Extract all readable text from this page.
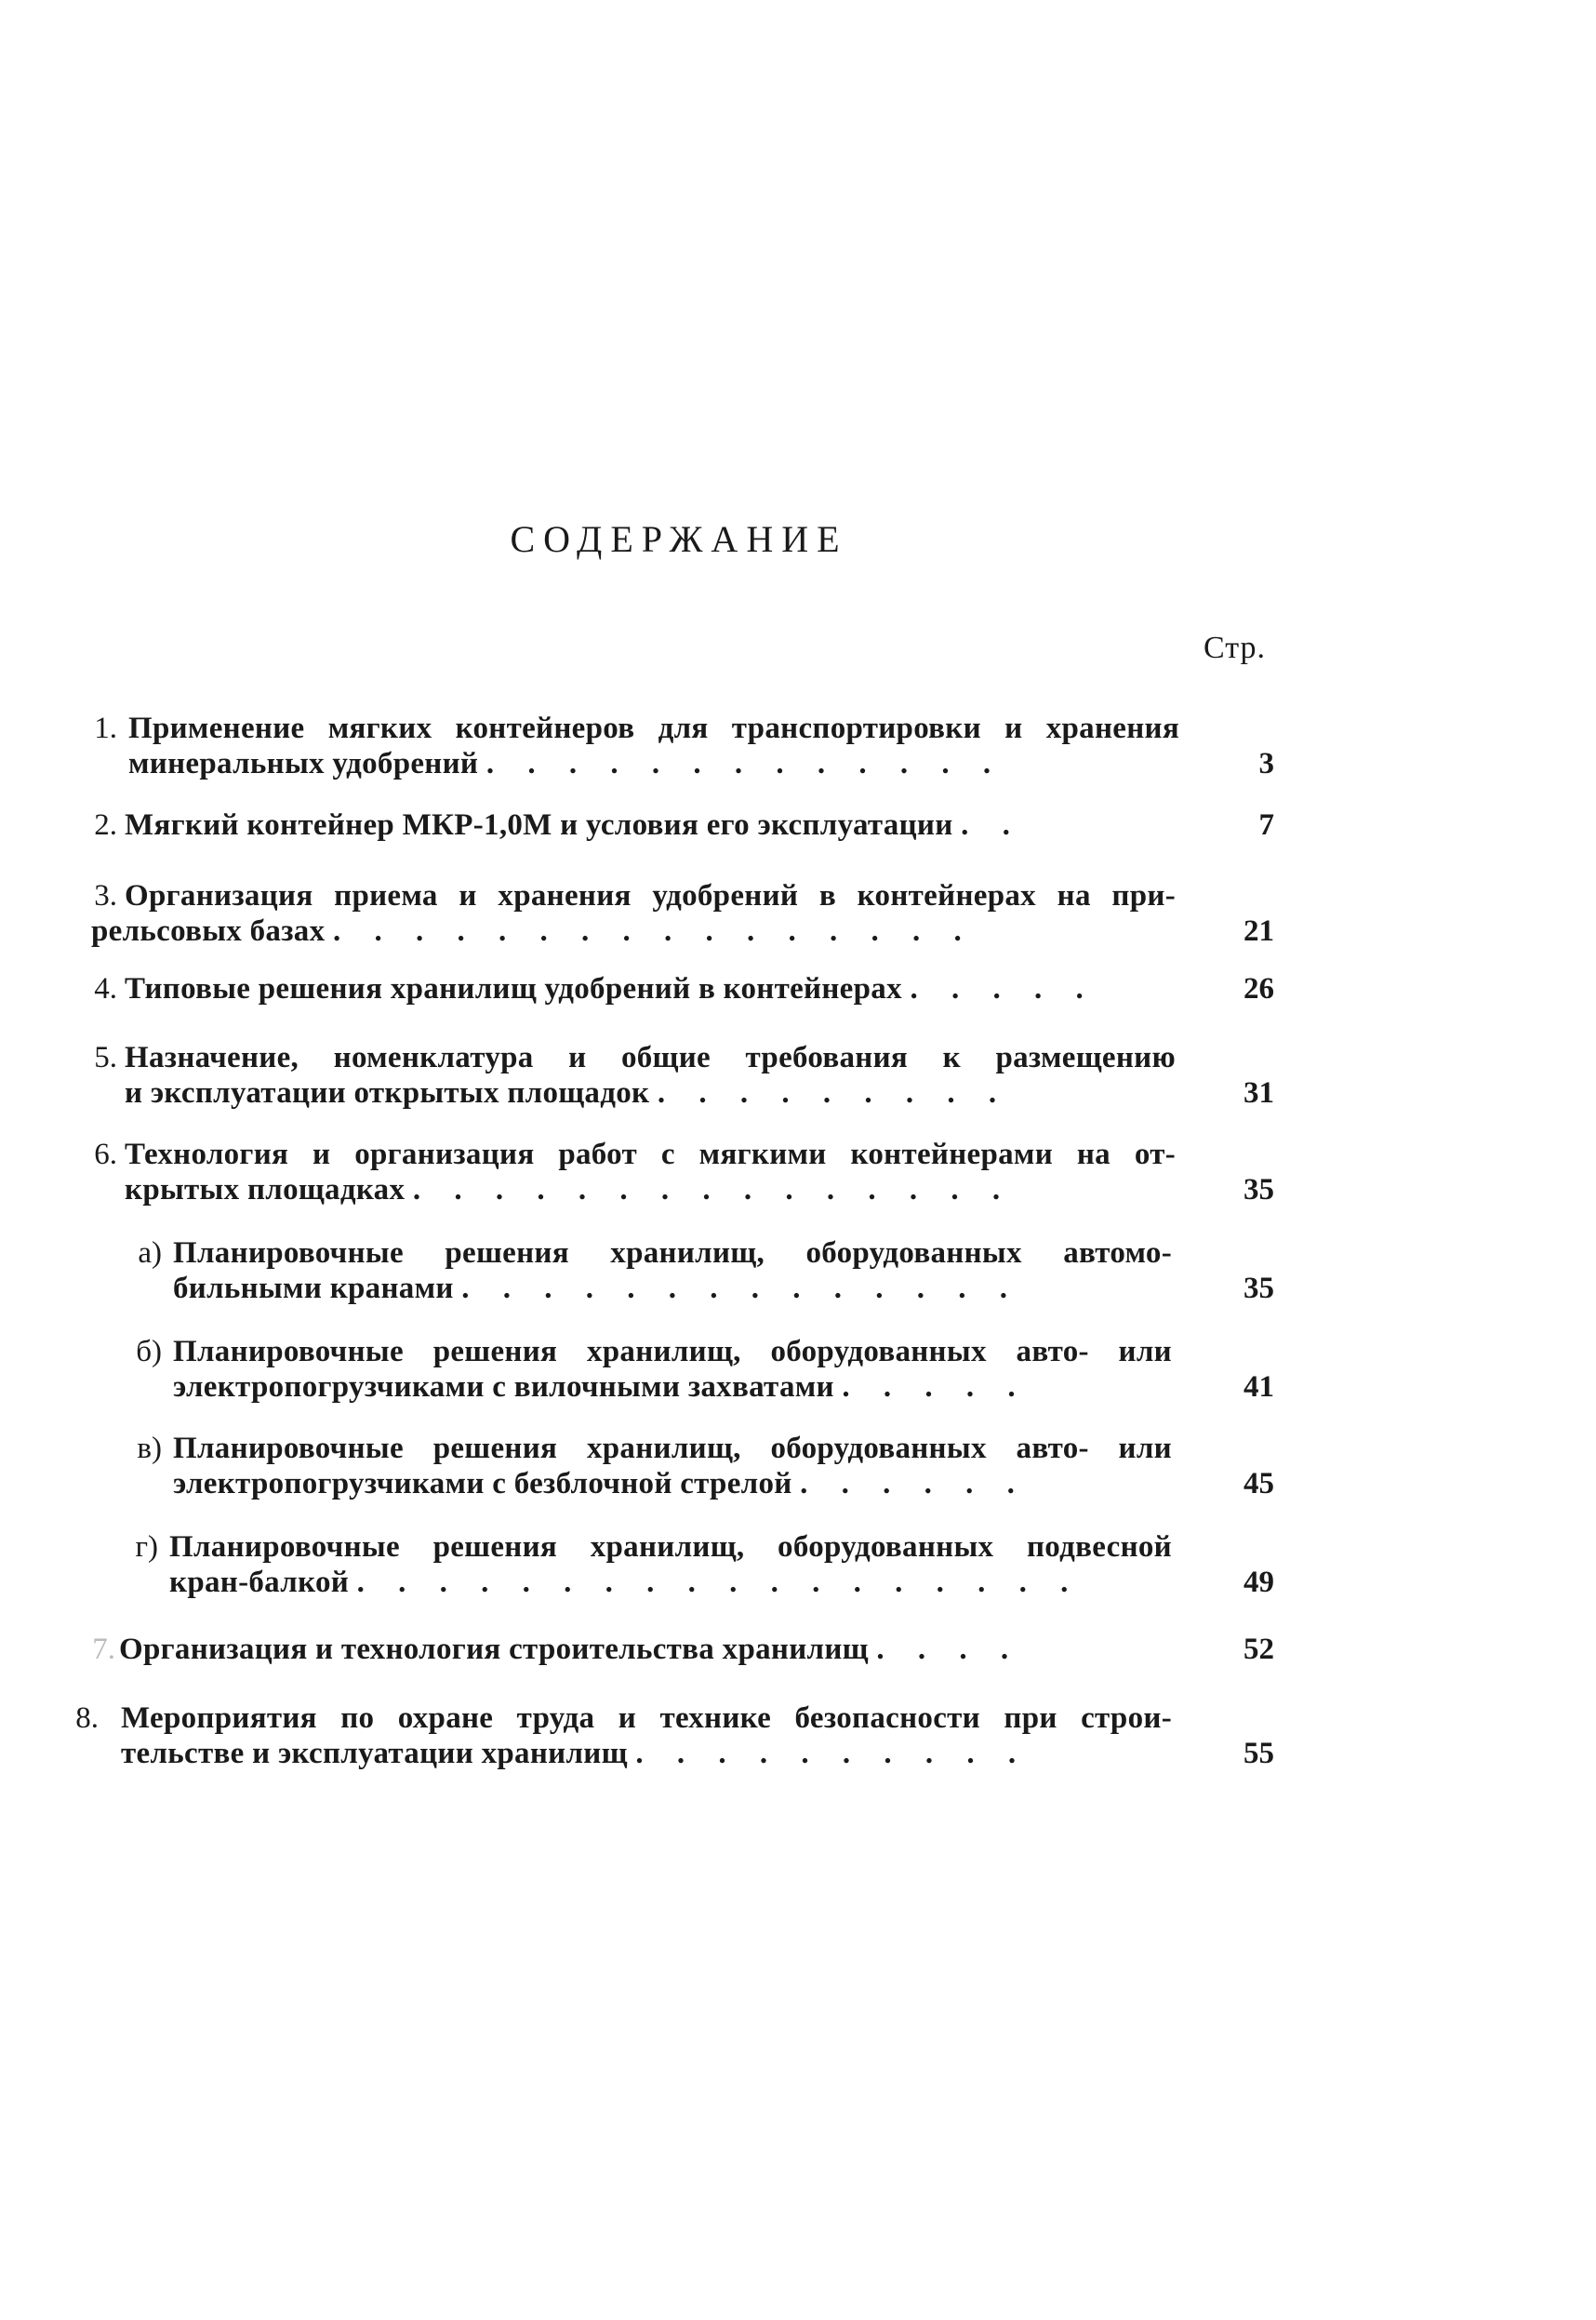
СОДЕРЖАНИЕ
Стр.
1. Применение мягких контейнеров для транспортировки и хранения
минеральных удобрений . . . . . . . . . . . . .	3
2. Мягкий контейнер МКР-1,0М и условия его эксплуатации . .	7
3. Организация приема и хранения удобрений в контейнерах на при-
рельсовых базах . . . . . . . . . . . . . . . .	21
4. Типовые решения хранилищ удобрений в контейнерах . . . . .	26
5. Назначение, номенклатура и общие требования к размещению
и эксплуатации открытых площадок . . . . . . . . .	31
6. Технология и организация работ с мягкими контейнерами на от-
крытых площадках . . . . . . . . . . . . . . .	35
а) Планировочные решения хранилищ, оборудованных автомо-
бильными кранами . . . . . . . . . . . . . .	35
б) Планировочные решения хранилищ, оборудованных авто- или
электропогрузчиками с вилочными захватами . . . . .	41
в) Планировочные решения хранилищ, оборудованных авто- или
электропогрузчиками с безблочной стрелой . . . . . .	45
г) Планировочные решения хранилищ, оборудованных подвесной
кран-балкой . . . . . . . . . . . . . . . . . .	49
7. Организация и технология строительства хранилищ . . . .	52
8. Мероприятия по охране труда и технике безопасности при строи-
тельстве и эксплуатации хранилищ . . . . . . . . . .	55
